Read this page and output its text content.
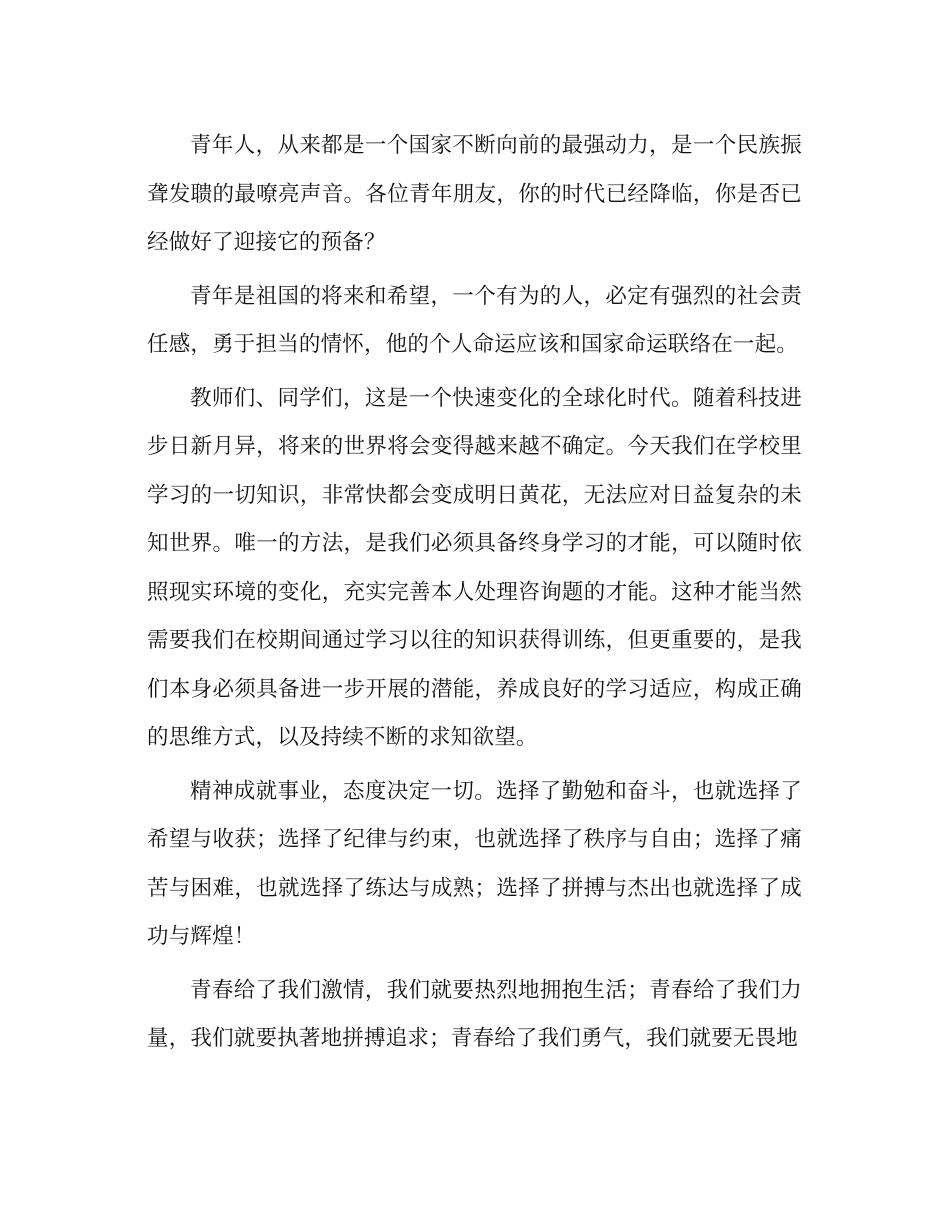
青年人，从来都是一个国家不断向前的最强动力，是一个民族振聋发聩的最嘹亮声音。各位青年朋友，你的时代已经降临，你是否已经做好了迎接它的预备？

青年是祖国的将来和希望，一个有为的人，必定有强烈的社会责任感，勇于担当的情怀，他的个人命运应该和国家命运联络在一起。

教师们、同学们，这是一个快速变化的全球化时代。随着科技进步日新月异，将来的世界将会变得越来越不确定。今天我们在学校里学习的一切知识，非常快都会变成明日黄花，无法应对日益复杂的未知世界。唯一的方法，是我们必须具备终身学习的才能，可以随时依照现实环境的变化，充实完善本人处理咨询题的才能。这种才能当然需要我们在校期间通过学习以往的知识获得训练，但更重要的，是我们本身必须具备进一步开展的潜能，养成良好的学习适应，构成正确的思维方式，以及持续不断的求知欲望。

精神成就事业，态度决定一切。选择了勤勉和奋斗，也就选择了希望与收获；选择了纪律与约束，也就选择了秩序与自由；选择了痛苦与困难，也就选择了练达与成熟；选择了拼搏与杰出也就选择了成功与辉煌！

青春给了我们激情，我们就要热烈地拥抱生活；青春给了我们力量，我们就要执著地拼搏追求；青春给了我们勇气，我们就要无畏地
